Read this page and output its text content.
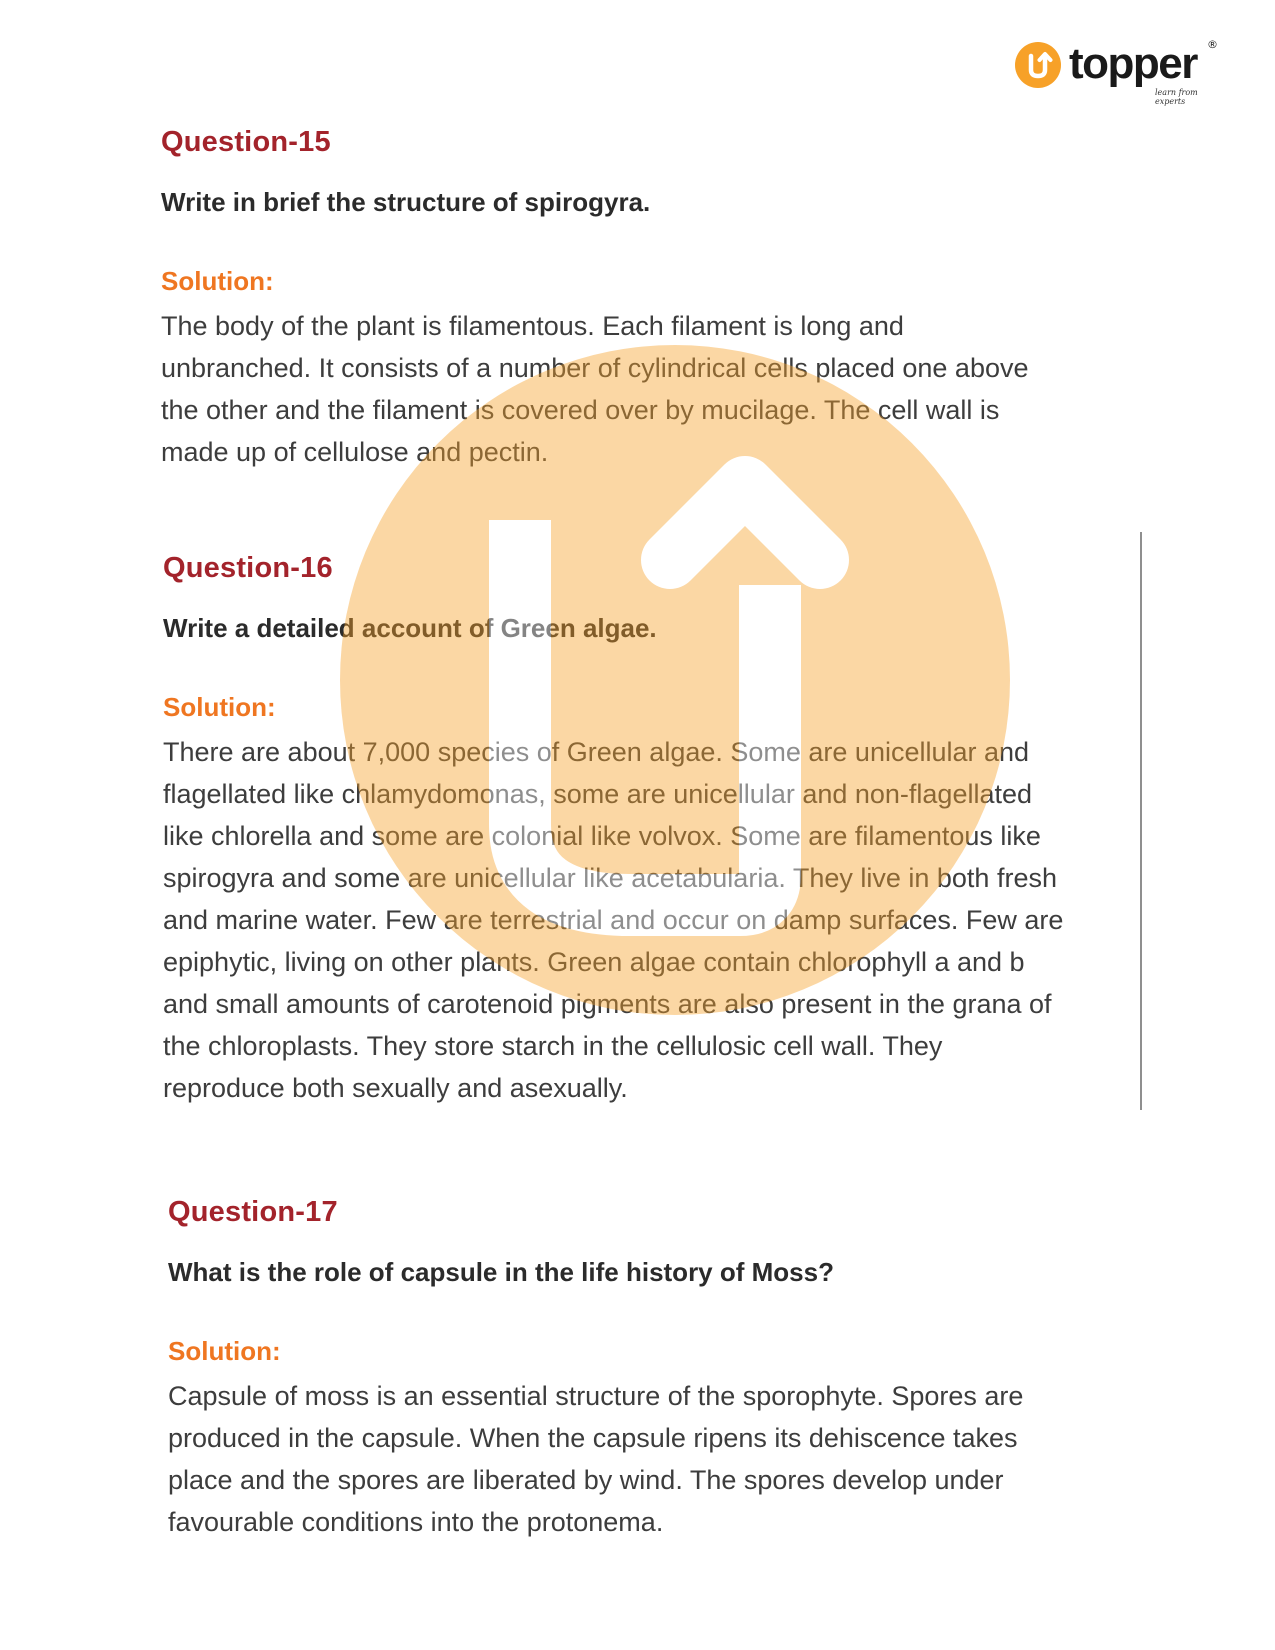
topper ®
learn from experts
Question-15

Write in brief the structure of spirogyra.

Solution:

The body of the plant is filamentous. Each filament is long and
unbranched. It consists of a number of cylindrical cells placed one above
the other and the filament is covered over by mucilage. The cell wall is
made up of cellulose and pectin.

Question-16

Write a detailed account of Green algae.

Solution:

There are about 7,000 species of Green algae. Some are unicellular and
flagellated like chlamydomonas, some are unicellular and non-flagellated
like chlorella and some are colonial like volvox. Some are filamentous like
spirogyra and some are unicellular like acetabularia. They live in both fresh
and marine water. Few are terrestrial and occur on damp surfaces. Few are
epiphytic, living on other plants. Green algae contain chlorophyll a and b
and small amounts of carotenoid pigments are also present in the grana of
the chloroplasts. They store starch in the cellulosic cell wall. They
reproduce both sexually and asexually.

Question-17

What is the role of capsule in the life history of Moss?

Solution:

Capsule of moss is an essential structure of the sporophyte. Spores are
produced in the capsule. When the capsule ripens its dehiscence takes
place and the spores are liberated by wind. The spores develop under
favourable conditions into the protonema.
